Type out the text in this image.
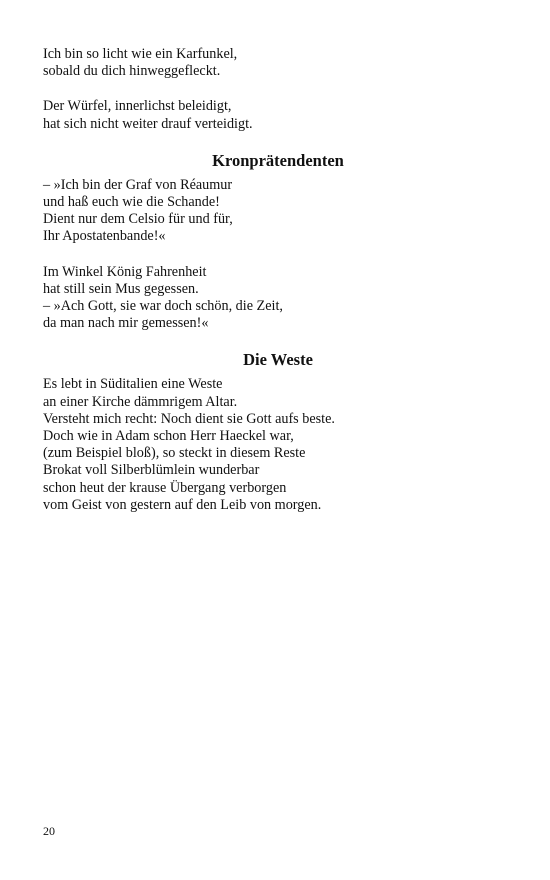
Ich bin so licht wie ein Karfunkel,
sobald du dich hinweggefleckt.
Der Würfel, innerlichst beleidigt,
hat sich nicht weiter drauf verteidigt.
Kronprätendenten
– »Ich bin der Graf von Réaumur
und haß euch wie die Schande!
Dient nur dem Celsio für und für,
Ihr Apostatenbande!«
Im Winkel König Fahrenheit
hat still sein Mus gegessen.
– »Ach Gott, sie war doch schön, die Zeit,
da man nach mir gemessen!«
Die Weste
Es lebt in Süditalien eine Weste
an einer Kirche dämmrigem Altar.
Versteht mich recht: Noch dient sie Gott aufs beste.
Doch wie in Adam schon Herr Haeckel war,
(zum Beispiel bloß), so steckt in diesem Reste
Brokat voll Silberblümlein wunderbar
schon heut der krause Übergang verborgen
vom Geist von gestern auf den Leib von morgen.
20
